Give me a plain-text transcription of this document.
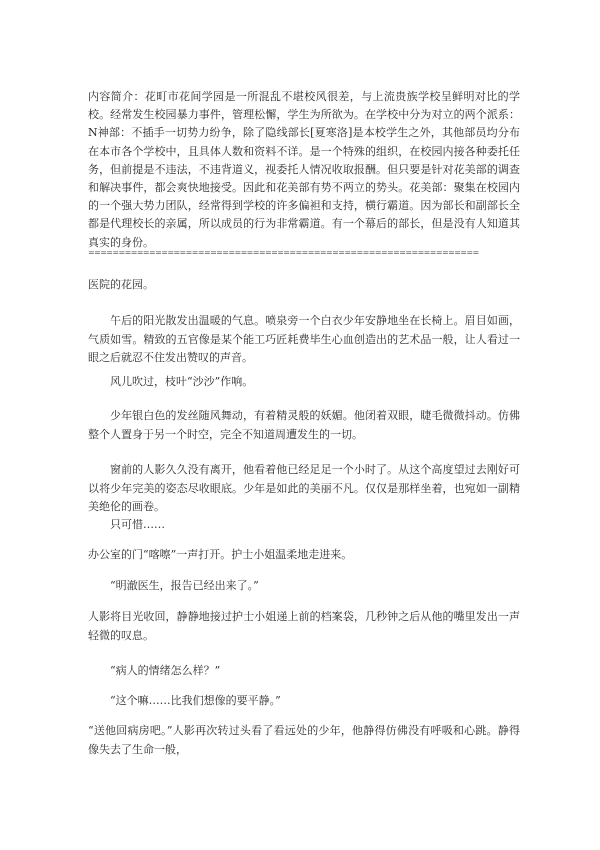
内容简介：花町市花间学园是一所混乱不堪校风很差，与上流贵族学校呈鲜明对比的学校。经常发生校园暴力事件，管理松懈，学生为所欲为。在学校中分为对立的两个派系：N神部：不插手一切势力纷争，除了隐线部长[夏寒洛]是本校学生之外，其他部员均分布在本市各个学校中，且具体人数和资料不详。是一个特殊的组织，在校园内接各种委托任务，但前提是不违法，不违背道义，视委托人情况收取报酬。但只要是针对花美部的调查和解决事件，都会爽快地接受。因此和花美部有势不两立的势头。花美部：聚集在校园内的一个强大势力团队，经常得到学校的许多偏袒和支持，横行霸道。因为部长和副部长全都是代理校长的亲属，所以成员的行为非常霸道。有一个幕后的部长，但是没有人知道其真实的身份。

================================================================

医院的花园。

午后的阳光散发出温暖的气息。喷泉旁一个白衣少年安静地坐在长椅上。眉目如画，气质如雪。精致的五官像是某个能工巧匠耗费毕生心血创造出的艺术品一般，让人看过一眼之后就忍不住发出赞叹的声音。

风儿吹过，枝叶“沙沙”作响。

少年银白色的发丝随风舞动，有着精灵般的妖媚。他闭着双眼，睫毛微微抖动。仿佛整个人置身于另一个时空，完全不知道周遭发生的一切。

窗前的人影久久没有离开，他看着他已经足足一个小时了。从这个高度望过去刚好可以将少年完美的姿态尽收眼底。少年是如此的美丽不凡。仅仅是那样坐着，也宛如一副精美绝伦的画卷。

只可惜……

办公室的门“喀嚓”一声打开。护士小姐温柔地走进来。

“明澈医生，报告已经出来了。”

人影将目光收回，静静地接过护士小姐递上前的档案袋，几秒钟之后从他的嘴里发出一声轻微的叹息。

“病人的情绪怎么样？”

“这个嘛……比我们想像的要平静。”

“送他回病房吧。”人影再次转过头看了看远处的少年，他静得仿佛没有呼吸和心跳。静得像失去了生命一般，
